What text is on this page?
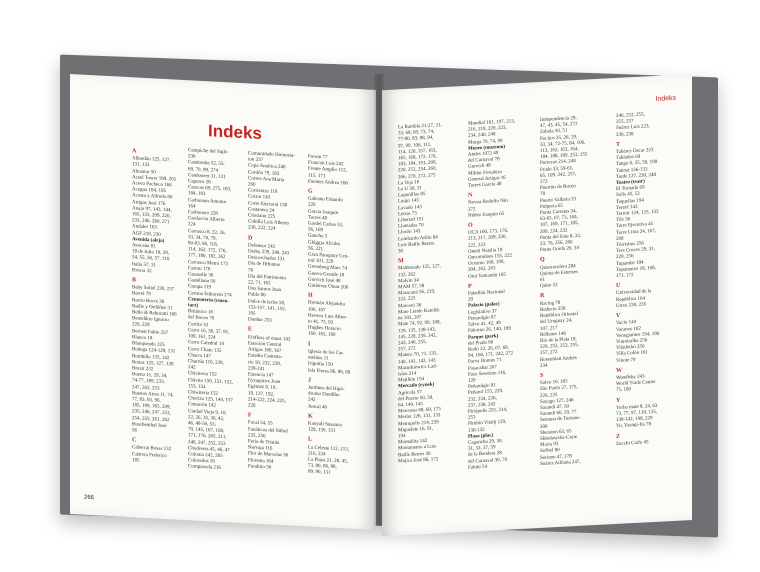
Indeks
A
Albardão 125, 127,
131, 133
Aboiatar 50
Aceel Tower 189, 201
Acevo Pacheco 166
Acegua 184, 195
Acosta y Alfredo 80
Artigas José 176
Anajo 97, 143, 144,
165, 155, 209, 220,
233, 246, 260, 271
Andaler 163
AGF 218, 230
Avenida (aleja)
Avocena 81
18 de Julio 18, 29,
54, 55, 56, 57, 110
Italia 57, 31
Rivera 32
B
Baby Soliel 230, 237
Barrel 79
Barrio Bocre 36
Batlle y Ordóñez 31
Bello & Reboratti 166
Benedikto Ignacio
226, 229
Bernett Fabio 257
Blanco 18
Blanqueado 225
Bodega 124-129, 131
Bombilla 135, 142
Bonaz 125, 127, 128
Brexit 232
Bueno 11, 29, 34,
74-77, 189, 233,
247, 262, 253
Buenos Aires 11, 74,
77, 83, 93, 96,
185, 199, 165, 209,
235, 246, 247, 253,
254, 255, 261, 262
Buschenthal José
56
C
Caberrat Rosas 132
Cabrera Federico
185
Campiche del Siglo
236
Candombe 52, 53,
69, 70, 99, 274
Candoneet 31, 131
Capurro 28
Caracas 69, 275, 183,
184, 193
Carbonam Antonio
164
Carbonero 228
Cardaccio Alberto
224
Carrasco 8, 22, 26,
33, 34, 78, 79,
80-83, 86, 105,
114, 162, 172, 176,
177, 180, 182, 262
Carrasco Metro 173
Carrau 178
Casasolle 36
Castellano 50
Casapa 119
Cavana Editorem 274
Cementerio (cmen-
tarz)
Británico 18
del Buceo 78
Cerrito 52
Cerro 16, 36, 37, 91,
109, 161, 224
Cerro Catedral 14
Cerro Chato 135
Chacra 147
Charrúa 116, 238,
242
Chivitería 152
Chivito 150, 151, 152,
153, 154
Chiwitería 152
Chorizo 125, 144, 157
Cimarrón 142
Ciudad Vieja 9, 10,
22, 26, 35, 36, 42,
46, 48-50, 53,
70, 145, 167, 168,
171, 176, 205, 211,
246, 247, 252, 253
Chodreras 45, 46, 47
Colonia 242, 265
Colorados 18
Comparsola 216
Comunidado Homosia-
ion 237
Copa América 240
Cordón 79, 183
Correa Ana María
260
Corrientes 118
Coctar 143
Corte Electoral 138
Costanera 24
Cristiano 225
Cubilla Luis Alberto
236, 222, 224
D
Defensor 242
Derby 239, 240, 243
Descorchados 131
Día de Difuntos
78
Día del Patrimonio
22, 71, 165
Dos Santos Juan
Pablo 86
Dulce de leche 58,
153-157, 141, 155,
195
Dunbar 253
E
Einfluss of maus 143
Estación Central
Artigas 168, 167
Estadio Centena-
rio 18, 232, 239,
239-241
Estancia 147
Eyzaguirre Juan
Egémez 8, 10,
19, 137, 192,
214-222, 224, 225,
226
F
Facal 54, 55
Fanáticos del fútbol
235, 256
Feria de Tristán
Narvaja 116
Flor de Marcelas 56
Florenta 164
Fonditto 56
Forum 77
Francini Luis 242
Frente Amplio 112,
115, 171
Fuentes Andrea 180
G
Galeano Eduardo
226
García Joaquín
Torres 48
Gardel Carlos 53,
56, 169
Gaucho 5
Ghiggia Alcides
56, 221
Gran Paraguay Cen-
tral 101, 229
Greenberg Marc 74
Guerra Grande 18
Gurvich José 48
Gutiérrez Omar 206
H
Hermán Alejandra
106, 107
Herrera Luis Alber-
to 41, 75, 93
Hughes Horacio
160, 162, 168
I
Iglesia de los Car-
melitas 11
Irigoitia 150
Isla Flores 86, 88, 89
J
Jardines del Hipó-
dromo Dandibo
242
Juncal 46
K
Kanyali Susanna
129, 130, 131
L
La Celeste 112, 213,
216, 234
La Plaza 21, 28, 45,
73, 80, 86, 88,
89, 90, 131
266
Indeks
La Rambla 21-27, 31,
33, 68, 69, 73, 74,
77-80, 83, 88, 94,
97, 99, 106, 111,
114, 120, 157, 163,
165, 168, 172, 176,
183, 184, 191, 209,
220, 252, 254, 260,
266, 270, 272, 275
La Teja 16
La U 30, 31
Lagunillas 85
Largo 143
Lavado 143
Letras 73
Libertad 151
Llamadas 70
Llorón 143
Lombardo Atilio 84
Luis Batlle Berres
30
M
Maldonado 125, 127,
132, 262
Malvín 34
MAM 57, 58
Maracaná 56, 219,
222, 225
Marconi 36
Mare Lendo Katolik-
ne 202, 207
Mate 74, 92, 99, 108,
129, 135, 138-143,
145, 228, 239, 242,
243, 246, 255,
257, 272
Matero 70, 71, 135,
140, 141, 142, 143
Mazurkiewicz Lad-
islao 214
Mejillón 154
Mercado (rynek)
Agrícola 57
del Puerto 50, 58,
64, 140, 145
Mercosur 68, 69, 175
Merlot 126, 131, 133
Metropolis 214, 239
Miguelete 16, 91,
194
Montañita 142
Monumento a Luis
Batlle Berres 30
Mujica José 86, 172
Mundial 161, 197, 213,
216, 218, 220, 223,
234, 240, 248
Murga 70, 74, 99
Museo (muzeum)
Andes 1972 49
del Carnaval 78
Gurvich 48
Militar Fortaleza
General Artigas 16
Torres García 48
N
Novoa Rodolfo Nin
272
Núñez Joaquín 65
O
OCA 160, 173, 176,
213, 217, 209, 220,
222, 223
Onetti Natalia 18
Oncomidoes 155, 222
Oceamo 166, 199,
204, 262, 263
Oroi Yamandú 165
P
Pabellón Nacional
29
Pałacio (pałac)
Legislativo 37
Penarolgio 67
Salvo 41, 42, 49
Palermo 26, 140, 189
Parque (park)
del Prado 60
Rodó 22, 26, 67, 68,
94, 160, 171, 242, 272
Parva Domus 71
Pasacabar 267
Paso Severino 116,
120
Peñarolgio 81
Peñarol 155, 229,
232, 234, 236,
237, 238, 242
Piriápolis 255, 214,
253
Pirubin Vitalij 129,
130-132
Plaza (plac)
Cagancha 29, 30,
31, 32, 37, 59
de la Bandera 28
del Carnaval 30, 70
Fabini 54
Independencia 29,
47, 43, 45, 54, 272
Zabala 50, 51
Pocitos 25, 26, 29,
33, 34, 72-75, 84, 106,
113, 162, 163, 164,
184, 188, 189, 253, 255
Portezas 214, 248
Prado 33, 59-61,
65, 109, 242, 257,
272
Puertito de Buceo
78
Puerto Vallarta 53
Pulpería 65
Punta Carretas 34,
63-65, 67, 73, 104,
107, 169, 171, 185,
209, 224, 232
Punta del Este 8, 22,
23, 76, 256, 266
Punta Gorda 26, 34
Q
Quancarolera 284
Quinta de Estenses
61
Quito 22
R
Racing 78
Reducto 258
República Oriental
del Uruguay 24,
107, 217
Réllenes 146
Río de la Plata 18,
229, 252, 253, 255,
257, 272
Rosenblatt Andrés
234
S
Salvo 16, 105
São Paulo 27, 175,
226, 235
Sayago 127, 246
Sarandí 47, 50
Sarandí 60, 59, 77
Semana de Turismo
206
Sheraton 63, 65
Skłodowska-Curie
Maria 93
Sofitel 80
Soriano 47, 178
Suárez Adriana 247,
246, 252, 253,
255, 257
Suárez Luis 223,
236, 238
T
Tabárez Óscar 223
Tablados 69
Tango 6, 35, 56, 198
Tannat 126-133
Tarde 127, 230, 248
Teatro (teatr)
El Tornado 69
Solís 45, 52
Tequellas 194
Tereré 143
Terroir 124, 125, 133
Tile 36
Torre Ejecutiva 45
Torre Litoa 24, 167,
208
Tórrisbus 256
Tres Cruces 29, 31,
220, 256
Tupambé 184
Tupamaros 18, 168,
171, 172
U
Universidad de la
República 164
Urrea 230, 235
V
Vacío 144
Varanos 102
Venegiamos 194, 196
Viaroiralba 256
Viladerbó 250
Villa Colón 161
Vinote 79
W
Wendlsby 243
World Trade Center
75, 180
Y
Yerba mate 8, 24, 63
73, 77, 97, 118, 135,
138-142, 198, 228
Yo, Yaangi-Ita 78
Z
Zucchi Carlo 45
